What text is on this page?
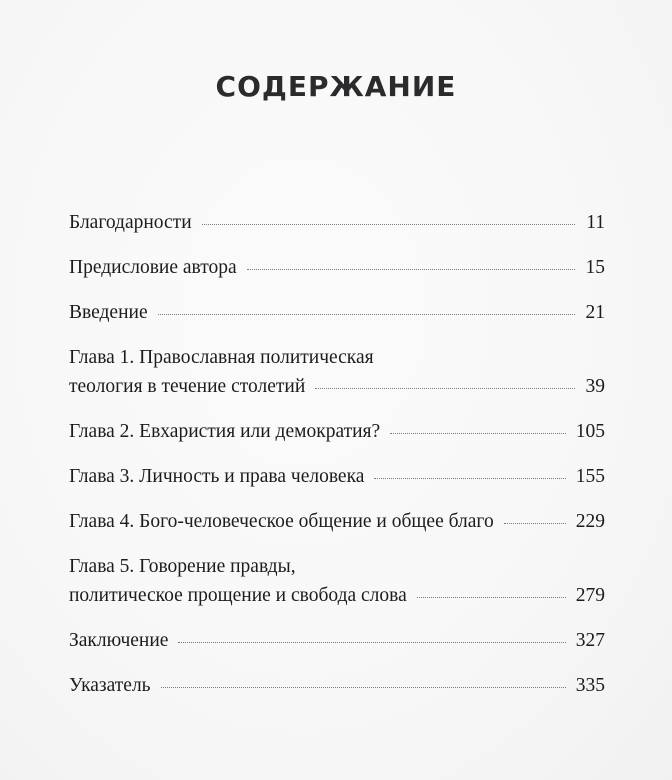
СОДЕРЖАНИЕ
Благодарности	11
Предисловие автора	15
Введение	21
Глава 1. Православная политическая
теология в течение столетий	39
Глава 2. Евхаристия или демократия?	105
Глава 3. Личность и права человека	155
Глава 4. Бого-человеческое общение и общее благо	229
Глава 5. Говорение правды,
политическое прощение и свобода слова	279
Заключение	327
Указатель	335
